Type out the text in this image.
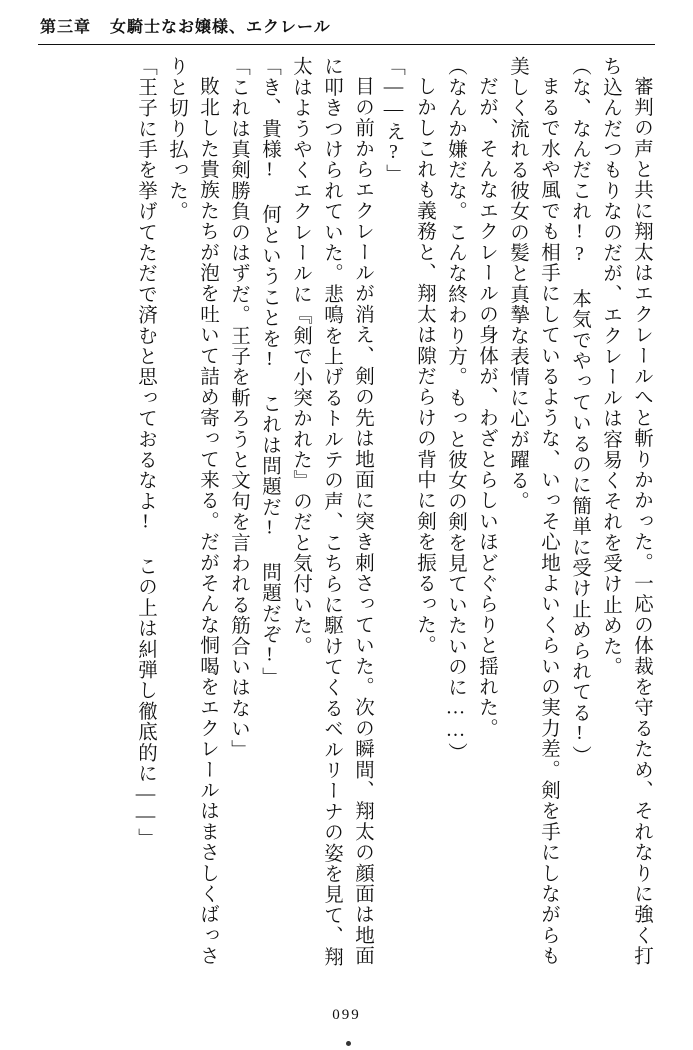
第三章 女騎士なお嬢様、エクレール

審判の声と共に翔太はエクレールへと斬りかかった。一応の体裁を守るため、それなりに強く打ち込んだつもりなのだが、エクレールは容易くそれを受け止めた。

（な、なんだこれ!? 本気でやっているのに簡単に受け止められてる!）

まるで水や風でも相手にしているような、いっそ心地よいくらいの実力差。剣を手にしながらも美しく流れる彼女の髪と真摯な表情に心が躍る。

だが、そんなエクレールの身体が、わざとらしいほどぐらりと揺れた。

（なんか嫌だな。こんな終わり方。もっと彼女の剣を見ていたいのに……）

しかしこれも義務と、翔太は隙だらけの背中に剣を振るった。

「——え?」

目の前からエクレールが消え、剣の先は地面に突き刺さっていた。次の瞬間、翔太の顔面は地面に叩きつけられていた。悲鳴を上げるトルテの声、こちらに駆けてくるベルリーナの姿を見て、翔太はようやくエクレールに『剣で小突かれた』のだと気付いた。

「き、貴様! 何ということを! これは問題だ! 問題だぞ!」

「これは真剣勝負のはずだ。王子を斬ろうと文句を言われる筋合いはない」

敗北した貴族たちが泡を吐いて詰め寄って来る。だがそんな恫喝をエクレールはまさしくばっさりと切り払った。

「王子に手を挙げてただで済むと思っておるなよ! この上は糾弾し徹底的に——」

099
